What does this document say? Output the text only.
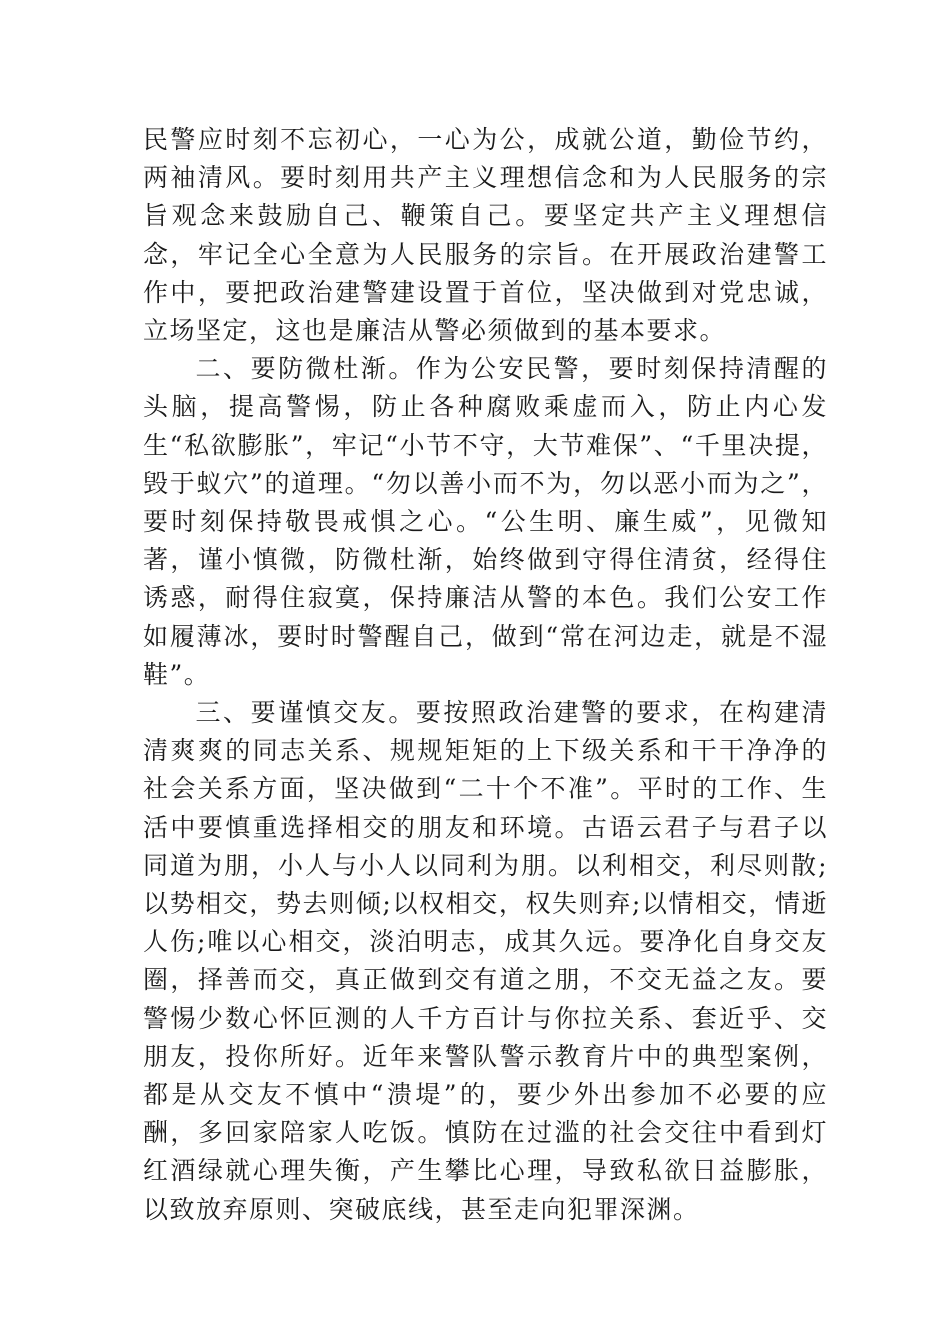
民警应时刻不忘初心，一心为公，成就公道，勤俭节约，两袖清风。要时刻用共产主义理想信念和为人民服务的宗旨观念来鼓励自己、鞭策自己。要坚定共产主义理想信念，牢记全心全意为人民服务的宗旨。在开展政治建警工作中，要把政治建警建设置于首位，坚决做到对党忠诚，立场坚定，这也是廉洁从警必须做到的基本要求。

二、要防微杜渐。作为公安民警，要时刻保持清醒的头脑，提高警惕，防止各种腐败乘虚而入，防止内心发生“私欲膨胀”，牢记“小节不守，大节难保”、“千里决提，毁于蚁穴”的道理。“勿以善小而不为，勿以恶小而为之”，要时刻保持敬畏戒惧之心。“公生明、廉生威”，见微知著，谨小慎微，防微杜渐，始终做到守得住清贫，经得住诱惑，耐得住寂寞，保持廉洁从警的本色。我们公安工作如履薄冰，要时时警醒自己，做到“常在河边走，就是不湿鞋”。

三、要谨慎交友。要按照政治建警的要求，在构建清清爽爽的同志关系、规规矩矩的上下级关系和干干净净的社会关系方面，坚决做到“二十个不准”。平时的工作、生活中要慎重选择相交的朋友和环境。古语云君子与君子以同道为朋，小人与小人以同利为朋。以利相交，利尽则散;以势相交，势去则倾;以权相交，权失则弃;以情相交，情逝人伤;唯以心相交，淡泊明志，成其久远。要净化自身交友圈，择善而交，真正做到交有道之朋，不交无益之友。要警惕少数心怀叵测的人千方百计与你拉关系、套近乎、交朋友，投你所好。近年来警队警示教育片中的典型案例，都是从交友不慎中“溃堤”的，要少外出参加不必要的应酬，多回家陪家人吃饭。慎防在过滥的社会交往中看到灯红酒绿就心理失衡，产生攀比心理，导致私欲日益膨胀，以致放弃原则、突破底线，甚至走向犯罪深渊。
